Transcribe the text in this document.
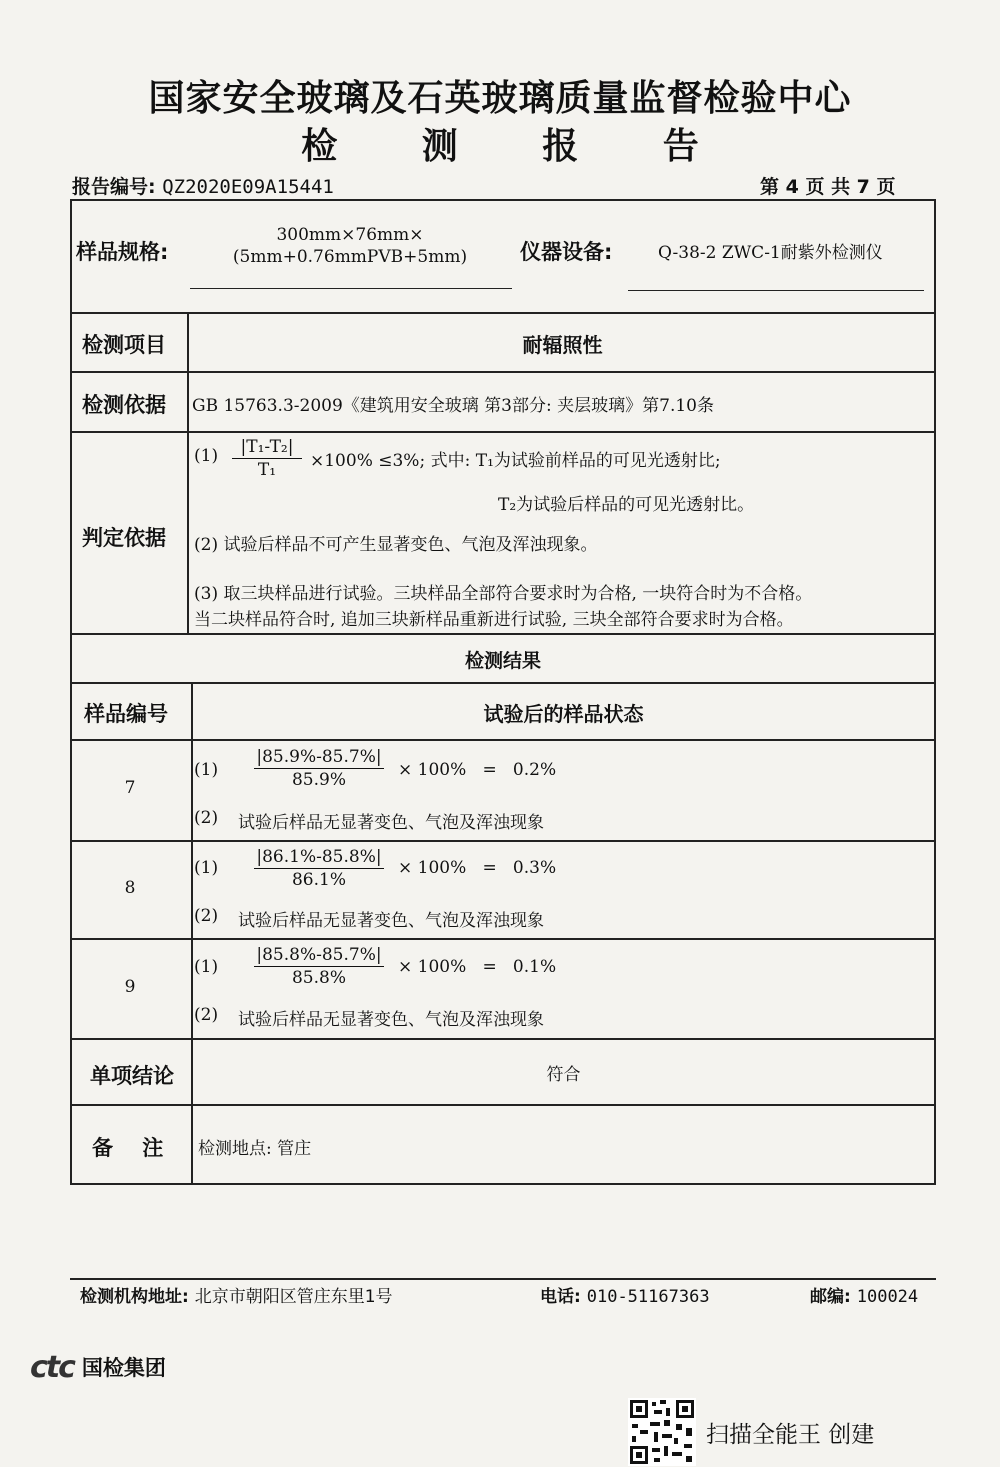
国家安全玻璃及石英玻璃质量监督检验中心
检 测 报 告
报告编号: QZ2020E09A15441	第 4 页 共 7 页
样品规格:
300mm×76mm×
(5mm+0.76mmPVB+5mm)	仪器设备:	Q-38-2 ZWC-1耐紫外检测仪
检测项目	耐辐照性
检测依据 GB 15763.3-2009《建筑用安全玻璃 第3部分: 夹层玻璃》第7.10条
判定依据
$(1) \frac{\text{|T₁-T₂|}}{\text{T₁}} \times 100\% \le 3\%$; 式中: T₁为试验前样品的可见光透射比;
T₂为试验后样品的可见光透射比。
(2) 试验后样品不可产生显著变色、气泡及浑浊现象。
(3) 取三块样品进行试验。三块样品全部符合要求时为合格, 一块符合时为不合格。
当二块样品符合时, 追加三块新样品重新进行试验, 三块全部符合要求时为合格。
检测结果
样品编号	试验后的样品状态
7
$(1) \frac{|85.9\%-85.7\%|}{85.9\%} \times 100\% = 0.2\%$
(2) 试验后样品无显著变色、气泡及浑浊现象
8
$(1) \frac{|86.1\%-85.8\%|}{86.1\%} \times 100\% = 0.3\%$
(2) 试验后样品无显著变色、气泡及浑浊现象
9
$(1) \frac{|85.8\%-85.7\%|}{85.8\%} \times 100\% = 0.1\%$
(2) 试验后样品无显著变色、气泡及浑浊现象
单项结论	符合
备    注 检测地点: 管庄
检测机构地址: 北京市朝阳区管庄东里1号	电话: 010-51167363	邮编: 100024
ctc 国检集团
扫描全能王 创建
